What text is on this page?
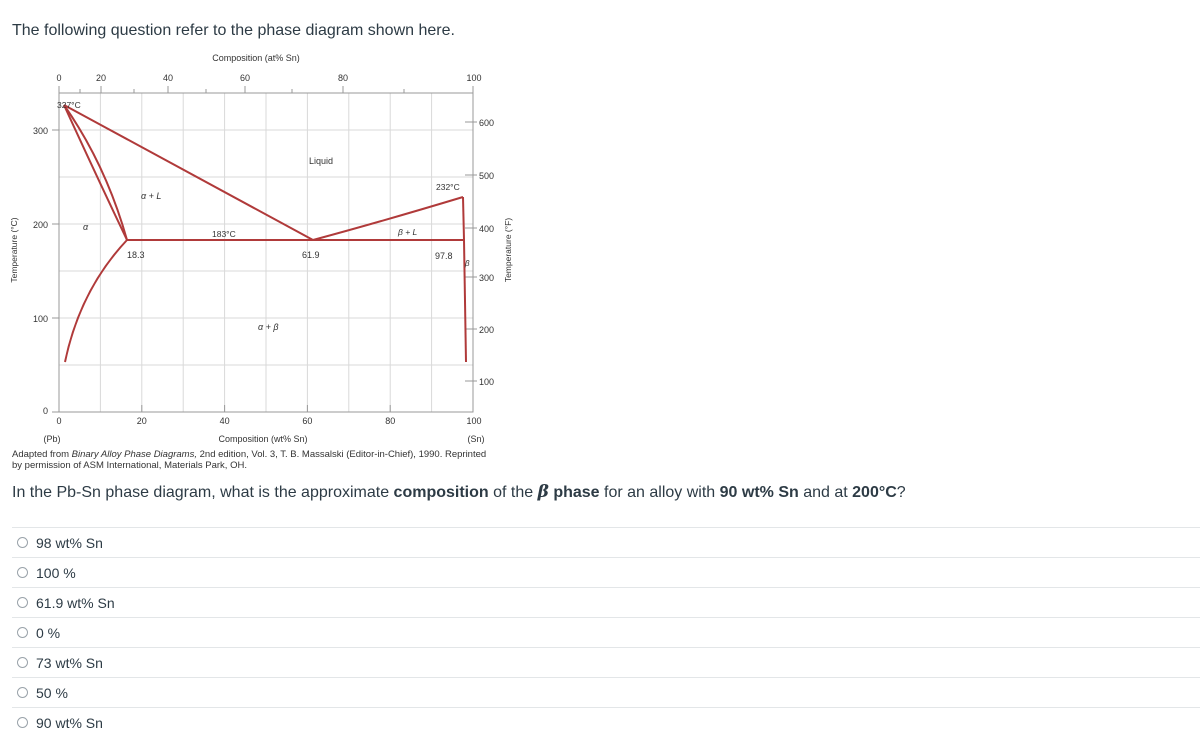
The following question refer to the phase diagram shown here.
Composition (at% Sn)
0	20	40	60	80	100
0	20	40	60	80	100
Composition (wt% Sn)
(Pb)	(Sn)
300
200
100
0
Temperature (°C)
600
500
400
300
200
100
Temperature (°F)
327°C
232°C
183°C
Liquid
α + L
β + L
α
β
α + β
18.3	61.9	97.8
Adapted from Binary Alloy Phase Diagrams, 2nd edition, Vol. 3, T. B. Massalski (Editor-in-Chief), 1990. Reprinted
by permission of ASM International, Materials Park, OH.
In the Pb-Sn phase diagram, what is the approximate composition of the β phase for an alloy with 90 wt% Sn and at 200°C?
98 wt% Sn
100 %
61.9 wt% Sn
0 %
73 wt% Sn
50 %
90 wt% Sn
